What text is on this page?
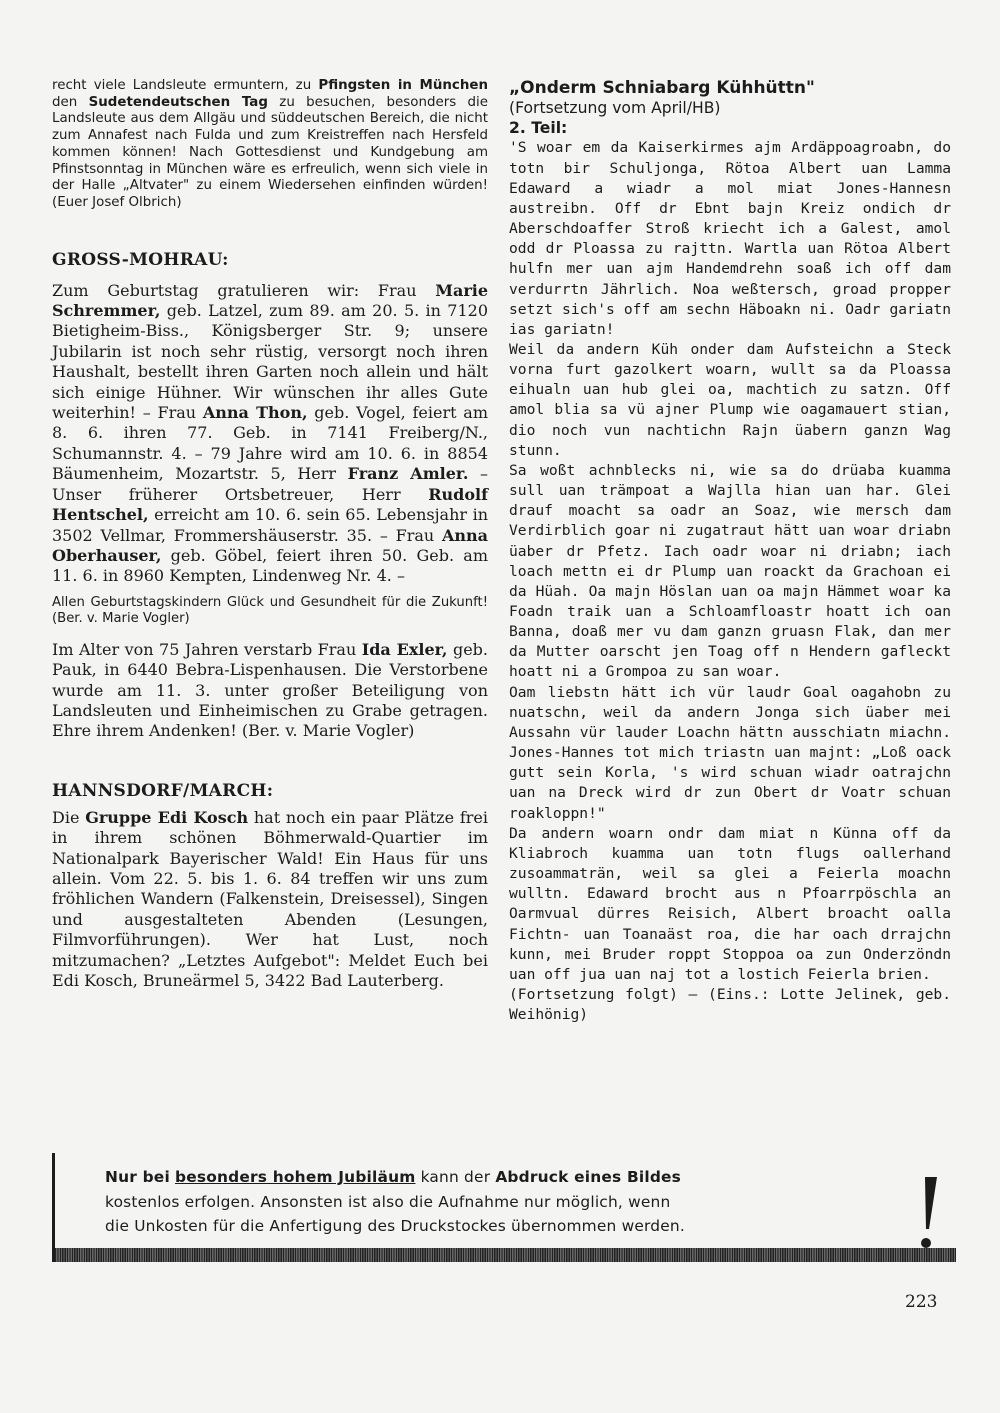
recht viele Landsleute ermuntern, zu Pfingsten in München den Sudetendeutschen Tag zu besuchen, besonders die Landsleute aus dem Allgäu und süddeutschen Bereich, die nicht zum Annafest nach Fulda und zum Kreistreffen nach Hersfeld kommen können! Nach Gottesdienst und Kundgebung am Pfinstsonntag in München wäre es erfreulich, wenn sich viele in der Halle „Altvater" zu einem Wiedersehen einfinden würden! (Euer Josef Olbrich)

GROSS-MOHRAU:

Zum Geburtstag gratulieren wir: Frau Marie Schremmer, geb. Latzel, zum 89. am 20. 5. in 7120 Bietigheim-Biss., Königsberger Str. 9; unsere Jubilarin ist noch sehr rüstig, versorgt noch ihren Haushalt, bestellt ihren Garten noch allein und hält sich einige Hühner. Wir wünschen ihr alles Gute weiterhin! – Frau Anna Thon, geb. Vogel, feiert am 8. 6. ihren 77. Geb. in 7141 Freiberg/N., Schumannstr. 4. – 79 Jahre wird am 10. 6. in 8854 Bäumenheim, Mozartstr. 5, Herr Franz Amler. – Unser früherer Ortsbetreuer, Herr Rudolf Hentschel, erreicht am 10. 6. sein 65. Lebensjahr in 3502 Vellmar, Frommershäuserstr. 35. – Frau Anna Oberhauser, geb. Göbel, feiert ihren 50. Geb. am 11. 6. in 8960 Kempten, Lindenweg Nr. 4. –

Allen Geburtstagskindern Glück und Gesundheit für die Zukunft! (Ber. v. Marie Vogler)

Im Alter von 75 Jahren verstarb Frau Ida Exler, geb. Pauk, in 6440 Bebra-Lispenhausen. Die Verstorbene wurde am 11. 3. unter großer Beteiligung von Landsleuten und Einheimischen zu Grabe getragen. Ehre ihrem Andenken! (Ber. v. Marie Vogler)

HANNSDORF/MARCH:

Die Gruppe Edi Kosch hat noch ein paar Plätze frei in ihrem schönen Böhmerwald-Quartier im Nationalpark Bayerischer Wald! Ein Haus für uns allein. Vom 22. 5. bis 1. 6. 84 treffen wir uns zum fröhlichen Wandern (Falkenstein, Dreisessel), Singen und ausgestalteten Abenden (Lesungen, Filmvorführungen). Wer hat Lust, noch mitzumachen? „Letztes Aufgebot": Meldet Euch bei Edi Kosch, Bruneärmel 5, 3422 Bad Lauterberg.

„Onderm Schniabarg Kühhüttn"
(Fortsetzung vom April/HB)
2. Teil:

'S woar em da Kaiserkirmes ajm Ardäppoagroabn, do totn bir Schuljonga, Rötoa Albert uan Lamma Edaward a wiadr a mol miat Jones-Hannesn austreibn. Off dr Ebnt bajn Kreiz ondich dr Aberschdoaffer Stroß kriecht ich a Galest, amol odd dr Ploassa zu rajttn. Wartla uan Rötoa Albert hulfn mer uan ajm Handemdrehn soaß ich off dam verdurrtn Jährlich. Noa weßtersch, groad propper setzt sich's off am sechn Häboakn ni. Oadr gariatn ias gariatn!

Weil da andern Küh onder dam Aufsteichn a Steck vorna furt gazolkert woarn, wullt sa da Ploassa eihualn uan hub glei oa, machtich zu satzn. Off amol blia sa vü ajner Plump wie oagamauert stian, dio noch vun nachtichn Rajn üabern ganzn Wag stunn.

Sa woßt achnblecks ni, wie sa do drüaba kuamma sull uan trämpoat a Wajlla hian uan har. Glei drauf moacht sa oadr an Soaz, wie mersch dam Verdirblich goar ni zugatraut hätt uan woar driabn üaber dr Pfetz. Iach oadr woar ni driabn; iach loach mettn ei dr Plump uan roackt da Grachoan ei da Hüah. Oa majn Höslan uan oa majn Hämmet woar ka Foadn traik uan a Schloamfloastr hoatt ich oan Banna, doaß mer vu dam ganzn gruasn Flak, dan mer da Mutter oarscht jen Toag off n Hendern gafleckt hoatt ni a Grompoa zu san woar.

Oam liebstn hätt ich vür laudr Goal oagahobn zu nuatschn, weil da andern Jonga sich üaber mei Aussahn vür lauder Loachn hättn ausschiatn miachn. Jones-Hannes tot mich triastn uan majnt: „Loß oack gutt sein Korla, 's wird schuan wiadr oatrajchn uan na Dreck wird dr zun Obert dr Voatr schuan roakloppn!"

Da andern woarn ondr dam miat n Künna off da Kliabroch kuamma uan totn flugs oallerhand zusoammaträn, weil sa glei a Feierla moachn wulltn. Edaward brocht aus n Pfoarrpöschla an Oarmvual dürres Reisich, Albert broacht oalla Fichtn- uan Toanaäst roa, die har oach drrajchn kunn, mei Bruder roppt Stoppoa oa zun Onderzöndn uan off jua uan naj tot a lostich Feierla brien.

(Fortsetzung folgt) – (Eins.: Lotte Jelinek, geb. Weihönig)

Nur bei besonders hohem Jubiläum kann der Abdruck eines Bildes
kostenlos erfolgen. Ansonsten ist also die Aufnahme nur möglich, wenn
die Unkosten für die Anfertigung des Druckstockes übernommen werden.
223
